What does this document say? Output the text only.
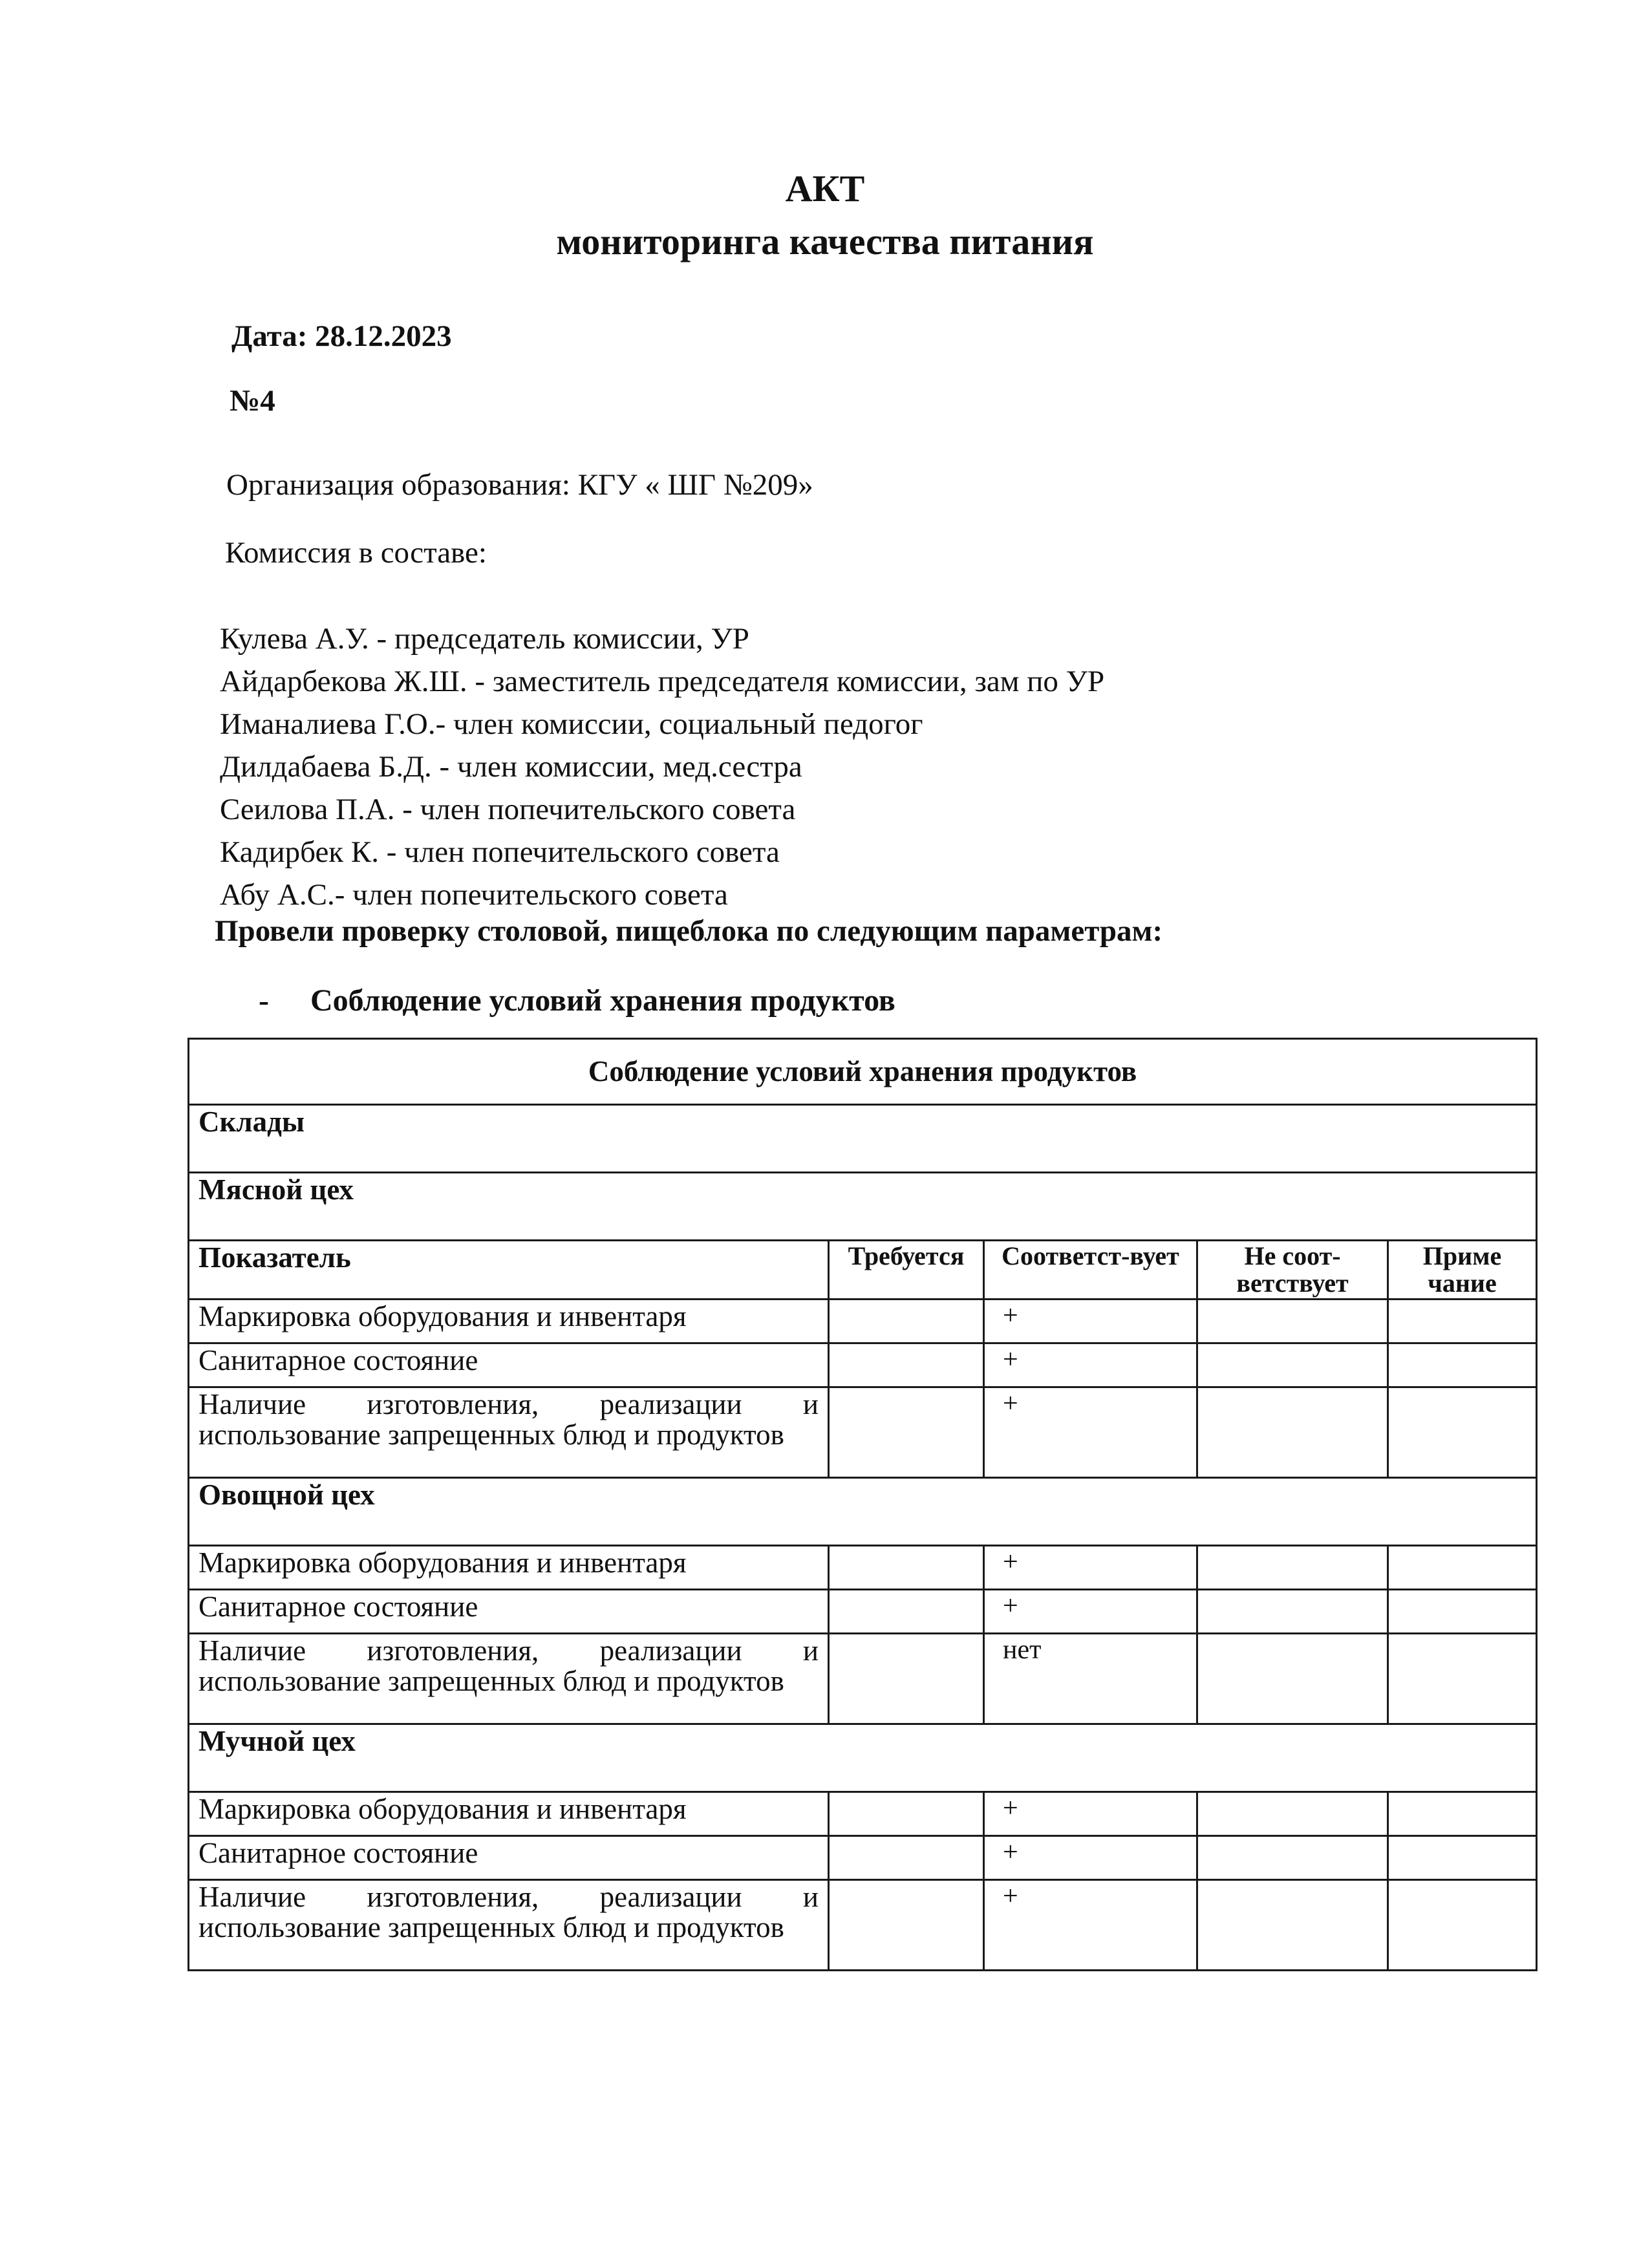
АКТ
мониторинга качества питания
Дата: 28.12.2023
№4
Организация образования: КГУ « ШГ №209»
Комиссия в составе:
Кулева А.У. - председатель комиссии, УР
Айдарбекова Ж.Ш. - заместитель председателя комиссии, зам по УР
Иманалиева Г.О.- член комиссии, социальный педогог
Дилдабаева Б.Д. - член комиссии, мед.сестра
Сеилова П.А. - член попечительского совета
Кадирбек К. - член попечительского совета
Абу А.С.- член попечительского совета
Провели проверку столовой, пищеблока по следующим параметрам:
- Соблюдение условий хранения продуктов
Соблюдение условий хранения продуктов				
Склады				
Мясной цех				
Показатель	Требуется	Соответст-вует	Не соот-ветствует	Приме чание
Маркировка оборудования и инвентаря		+		
Санитарное состояние		+		
Наличие изготовления, реализации и использование запрещенных блюд и продуктов		+		
Овощной цех				
Маркировка оборудования и инвентаря		+		
Санитарное состояние		+		
Наличие изготовления, реализации и использование запрещенных блюд и продуктов		нет		
Мучной цех				
Маркировка оборудования и инвентаря		+		
Санитарное состояние		+		
Наличие изготовления, реализации и использование запрещенных блюд и продуктов		+		
